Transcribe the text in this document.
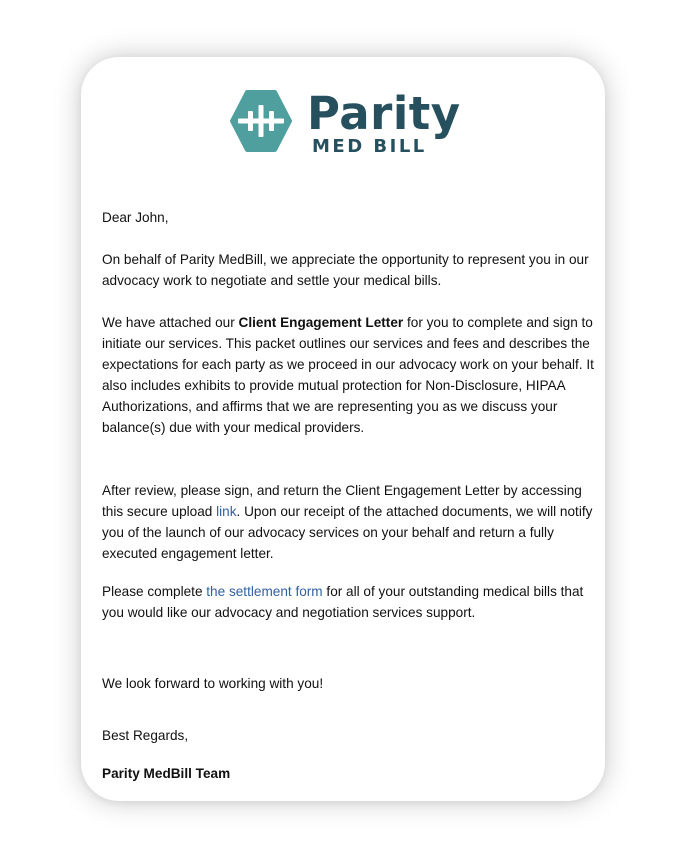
Parity
MED BILL

Dear John,

On behalf of Parity MedBill, we appreciate the opportunity to represent you in our advocacy work to negotiate and settle your medical bills.

We have attached our Client Engagement Letter for you to complete and sign to initiate our services. This packet outlines our services and fees and describes the expectations for each party as we proceed in our advocacy work on your behalf. It also includes exhibits to provide mutual protection for Non-Disclosure, HIPAA Authorizations, and affirms that we are representing you as we discuss your balance(s) due with your medical providers.

After review, please sign, and return the Client Engagement Letter by accessing this secure upload link. Upon our receipt of the attached documents, we will notify you of the launch of our advocacy services on your behalf and return a fully executed engagement letter.

Please complete the settlement form for all of your outstanding medical bills that you would like our advocacy and negotiation services support.

We look forward to working with you!

Best Regards,

Parity MedBill Team
